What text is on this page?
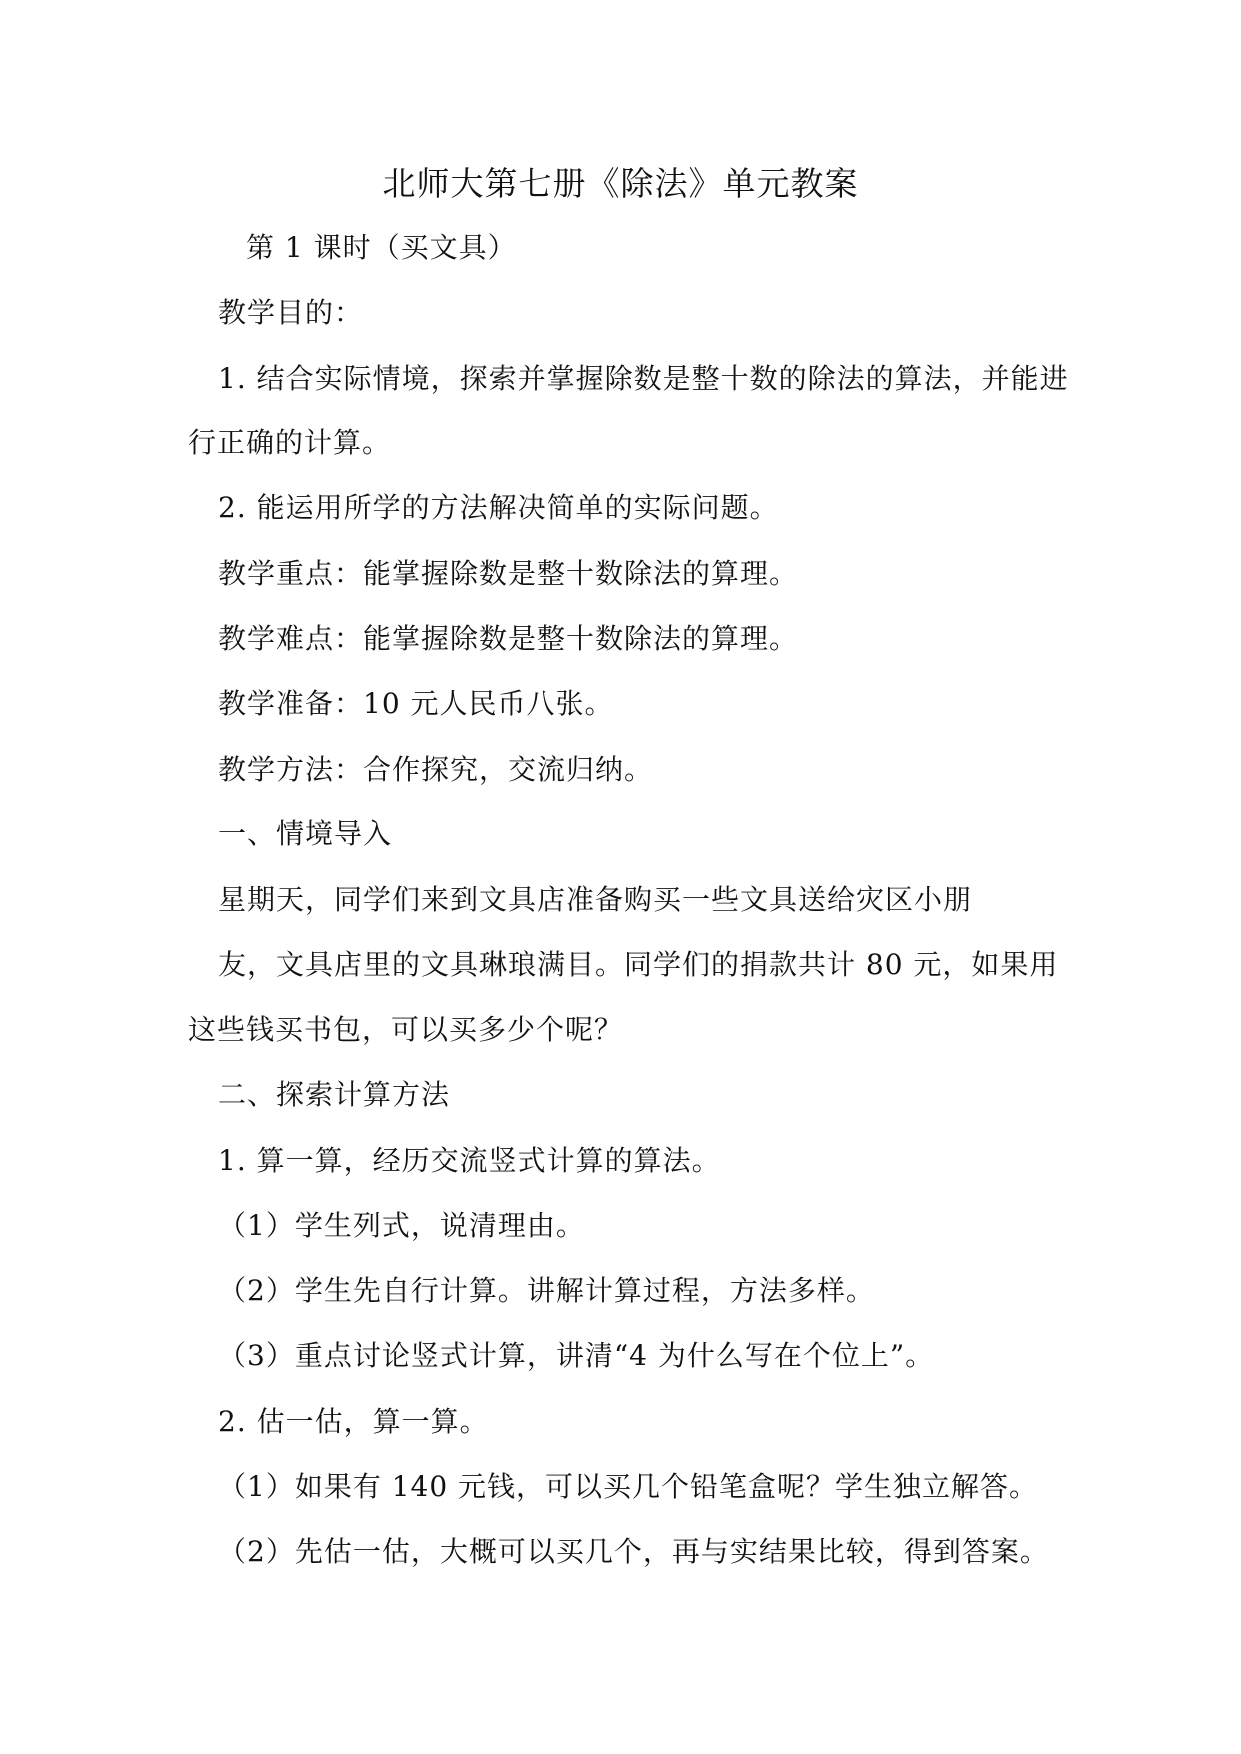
北师大第七册《除法》单元教案
第 1 课时（买文具）
教学目的：
1. 结合实际情境，探索并掌握除数是整十数的除法的算法，并能进
行正确的计算。
2. 能运用所学的方法解决简单的实际问题。
教学重点：能掌握除数是整十数除法的算理。
教学难点：能掌握除数是整十数除法的算理。
教学准备：10 元人民币八张。
教学方法：合作探究，交流归纳。
一、情境导入
星期天，同学们来到文具店准备购买一些文具送给灾区小朋
友，文具店里的文具琳琅满目。同学们的捐款共计 80 元，如果用
这些钱买书包，可以买多少个呢？
二、探索计算方法
1. 算一算，经历交流竖式计算的算法。
（1）学生列式，说清理由。
（2）学生先自行计算。讲解计算过程，方法多样。
（3）重点讨论竖式计算，讲清“4 为什么写在个位上”。
2. 估一估，算一算。
（1）如果有 140 元钱，可以买几个铅笔盒呢？学生独立解答。
（2）先估一估，大概可以买几个，再与实结果比较，得到答案。
